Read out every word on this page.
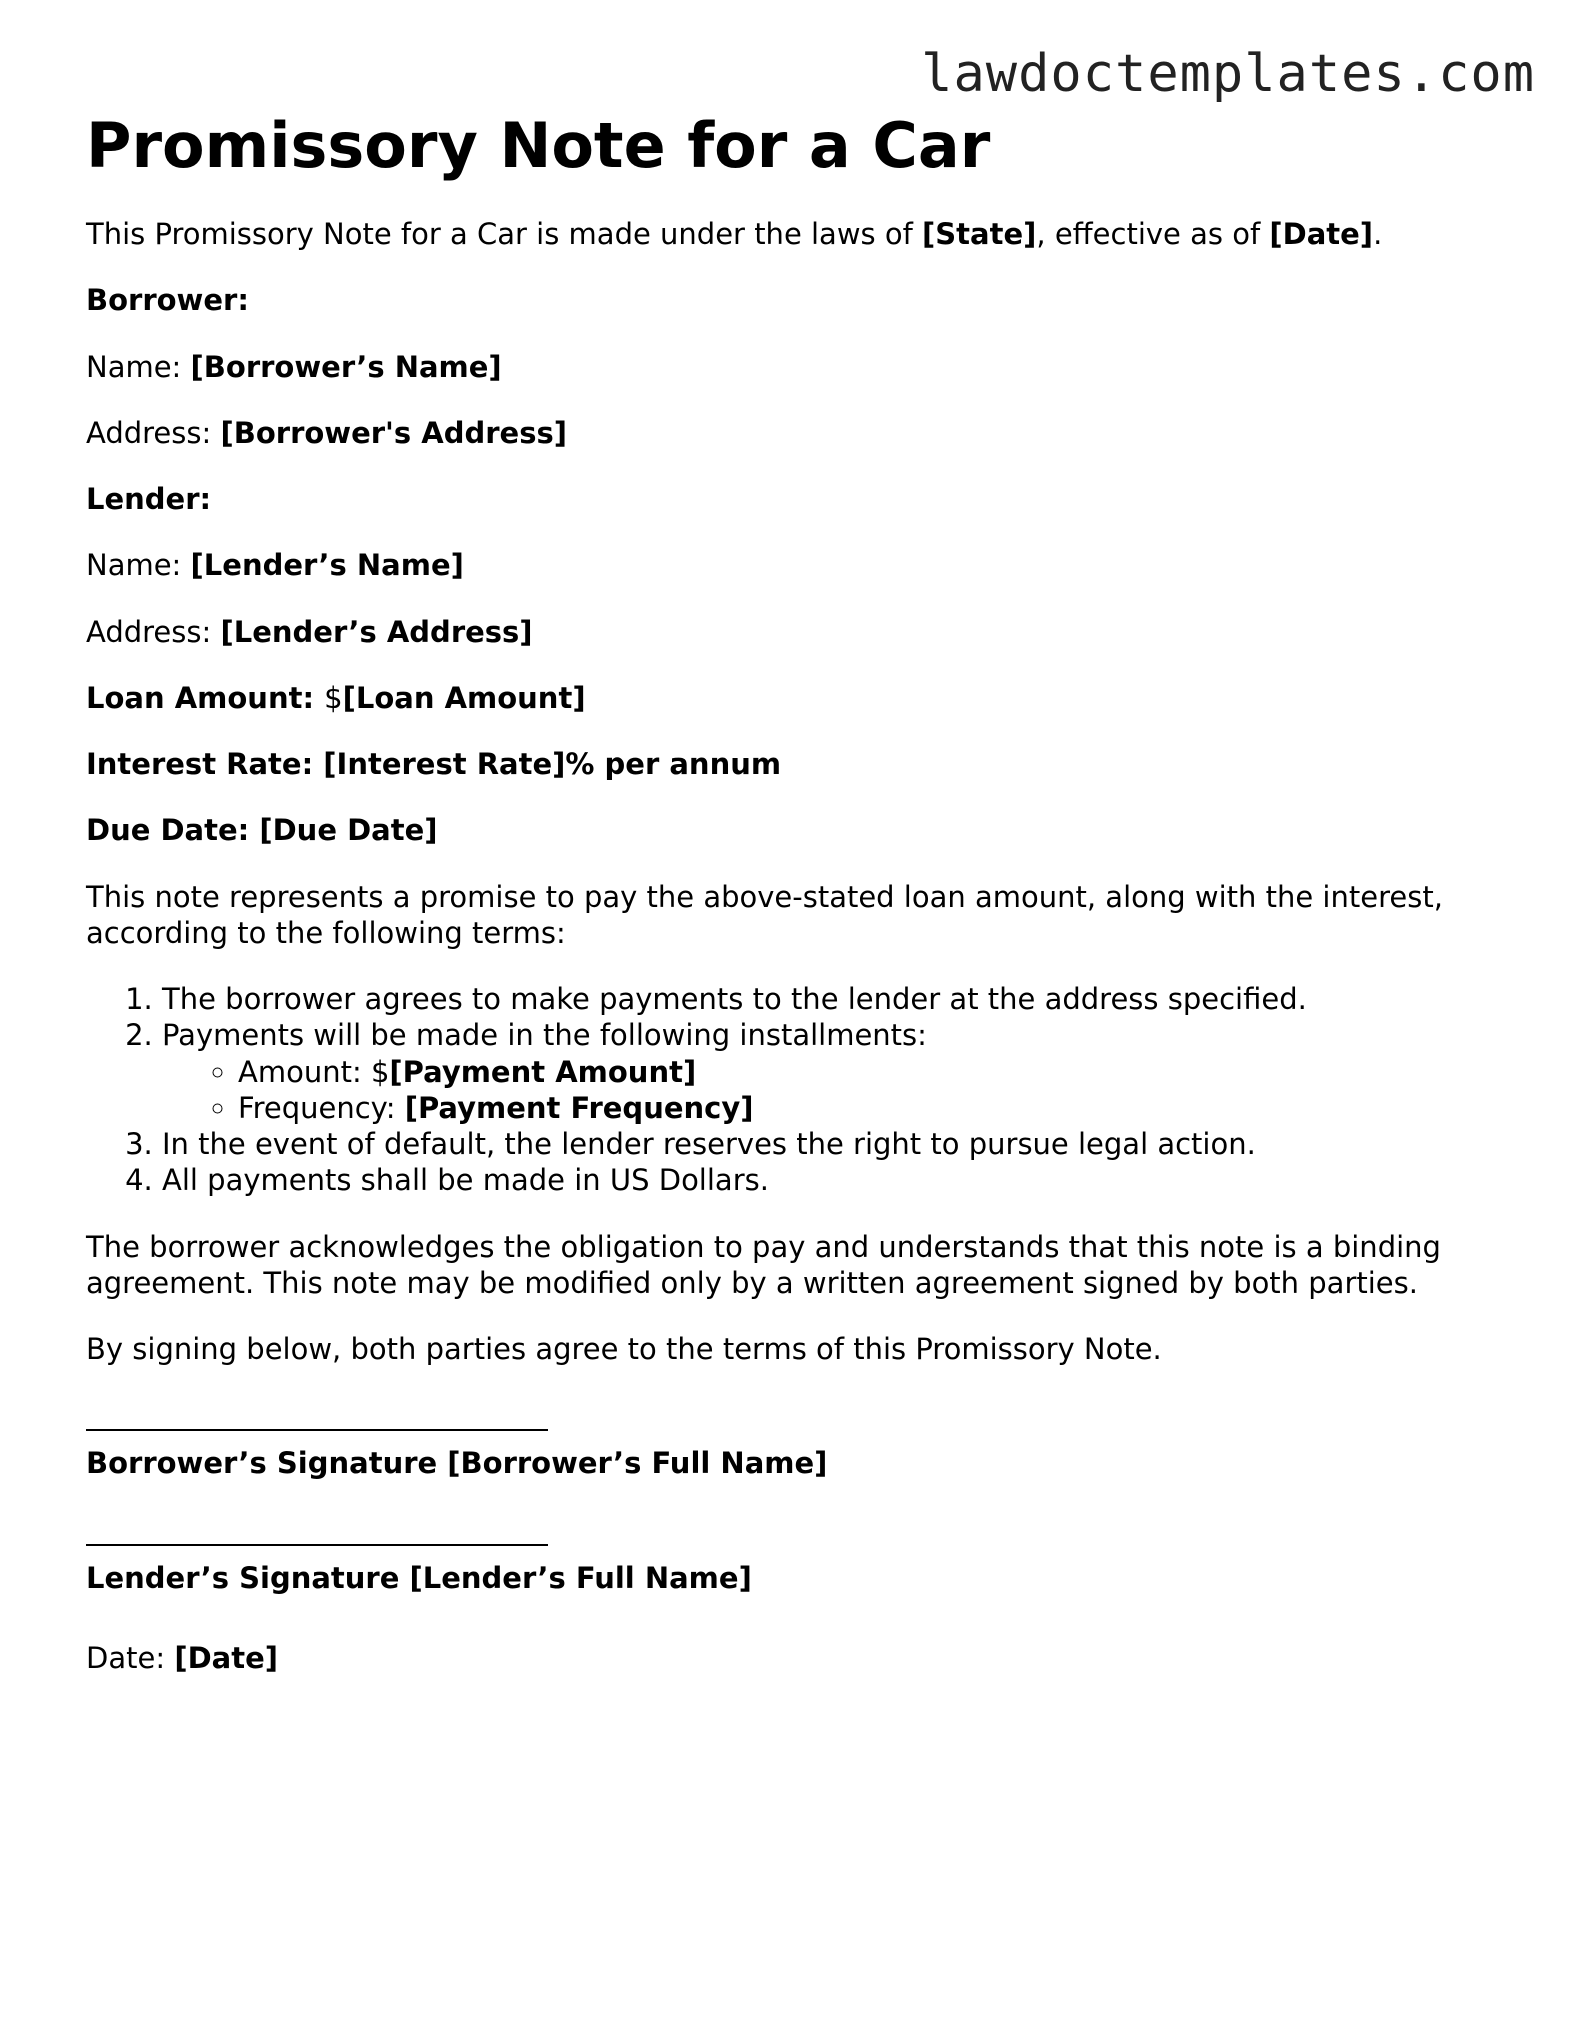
lawdoctemplates.com
Promissory Note for a Car

This Promissory Note for a Car is made under the laws of [State], effective as of [Date].

Borrower:

Name: [Borrower’s Name]

Address: [Borrower's Address]

Lender:

Name: [Lender’s Name]

Address: [Lender’s Address]

Loan Amount: $[Loan Amount]

Interest Rate: [Interest Rate]% per annum

Due Date: [Due Date]

This note represents a promise to pay the above-stated loan amount, along with the interest, according to the following terms:

1. The borrower agrees to make payments to the lender at the address specified.
2. Payments will be made in the following installments:
◦ Amount: $[Payment Amount]
◦ Frequency: [Payment Frequency]
3. In the event of default, the lender reserves the right to pursue legal action.
4. All payments shall be made in US Dollars.

The borrower acknowledges the obligation to pay and understands that this note is a binding agreement. This note may be modified only by a written agreement signed by both parties.

By signing below, both parties agree to the terms of this Promissory Note.

Borrower’s Signature [Borrower’s Full Name]

Lender’s Signature [Lender’s Full Name]

Date: [Date]
